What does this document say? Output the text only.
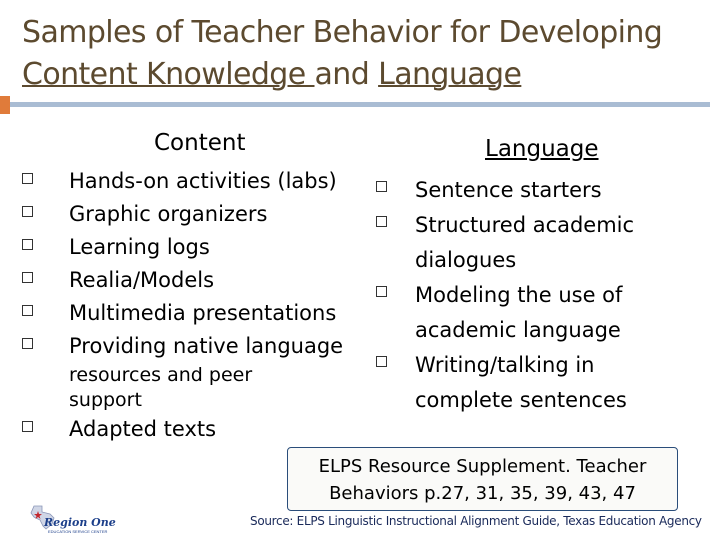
Samples of Teacher Behavior for Developing
Content Knowledge and Language
Content	Language
Hands-on activities (labs)
Graphic organizers
Learning logs
Realia/Models
Multimedia presentations
Providing native language
resources and peer
support
Adapted texts
Sentence starters
Structured academic
dialogues
Modeling the use of
academic language
Writing/talking in
complete sentences
ELPS Resource Supplement. Teacher
Behaviors p.27, 31, 35, 39, 43, 47
Region One
EDUCATION SERVICE CENTER
Source: ELPS Linguistic Instructional Alignment Guide, Texas Education Agency
